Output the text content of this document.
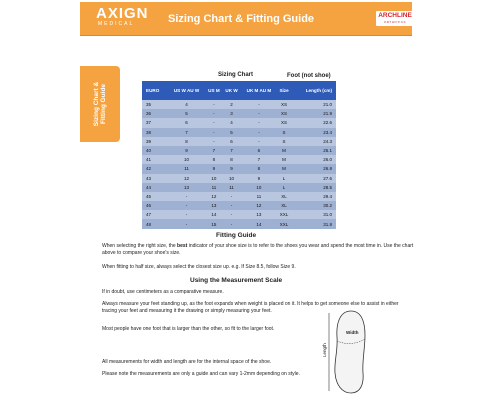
AXIGN
MEDICAL	Sizing Chart & Fitting Guide	ARCHLINE
ORTHOTICS
Sizing Chart & Fitting Guide
Sizing Chart	Foot (not shoe)
EURO	US W AU W	US M	UK W	UK M AU M	Size	Length (cm)
35	4	-	2	-	XS	21.0
36	5	-	3	-	XS	21.9
37	6	-	4	-	XS	22.6
38	7	-	5	-	S	23.4
39	8	-	6	-	S	24.3
40	9	7	7	6	M	25.1
41	10	8	8	7	M	26.0
42	11	9	9	8	M	26.8
43	12	10	10	9	L	27.6
44	13	11	11	10	L	28.5
45	-	12	-	11	XL	29.4
46	-	13	-	12	XL	30.2
47	-	14	-	13	XXL	31.0
48	-	15	-	14	XXL	31.8
Fitting Guide
When selecting the right size, the best indicator of your shoe size is to refer to the shoes you wear and spend the most time in. Use the chart above to compare your shoe's size.
When fitting to half size, always select the closest size up. e.g. If Size 8.5, follow Size 9.
Using the Measurement Scale
If in doubt, use centimeters as a comparative measure.
Always measure your feet standing up, as the foot expands when weight is placed on it. It helps to get someone else to assist in either tracing your feet and measuring it the drawing or simply measuring your feet.
Most people have one foot that is larger than the other, so fit to the larger foot.
All measurements for width and length are for the internal space of the shoe.
Please note the measurements are only a guide and can vary 1-2mm depending on style.
Width
Length
